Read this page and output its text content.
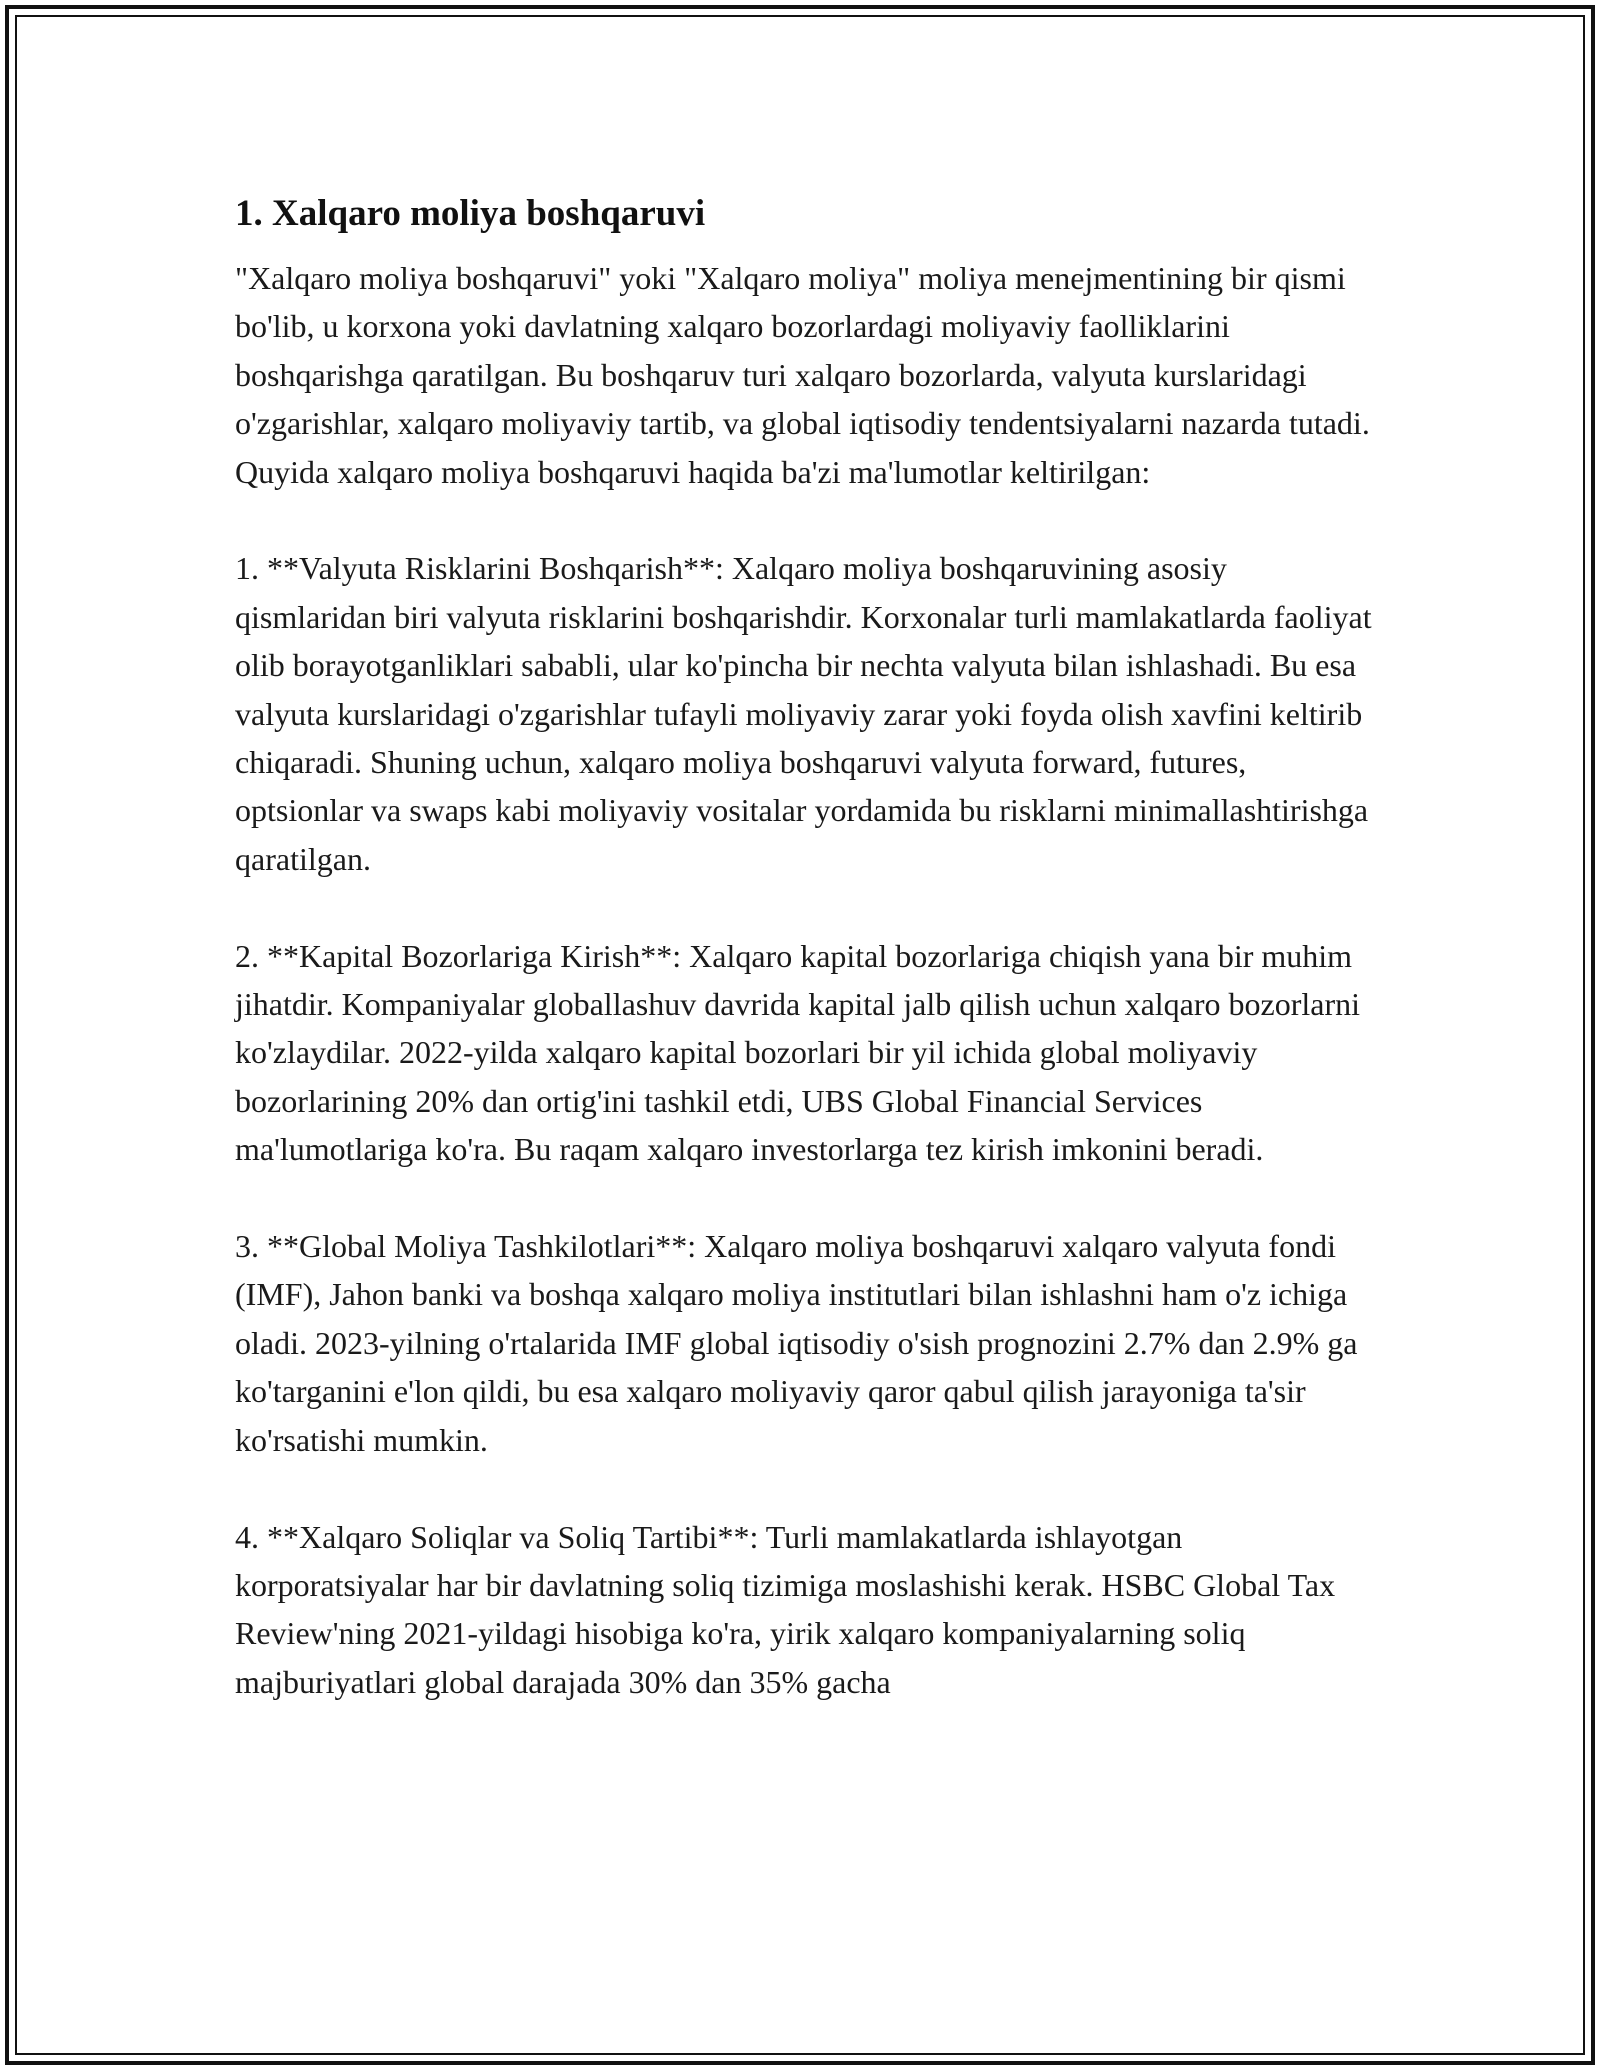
1. Xalqaro moliya boshqaruvi

"Xalqaro moliya boshqaruvi" yoki "Xalqaro moliya" moliya menejmentining bir qismi bo'lib, u korxona yoki davlatning xalqaro bozorlardagi moliyaviy faolliklarini boshqarishga qaratilgan. Bu boshqaruv turi xalqaro bozorlarda, valyuta kurslaridagi o'zgarishlar, xalqaro moliyaviy tartib, va global iqtisodiy tendentsiyalarni nazarda tutadi. Quyida xalqaro moliya boshqaruvi haqida ba'zi ma'lumotlar keltirilgan:

1. **Valyuta Risklarini Boshqarish**: Xalqaro moliya boshqaruvining asosiy qismlaridan biri valyuta risklarini boshqarishdir. Korxonalar turli mamlakatlarda faoliyat olib borayotganliklari sababli, ular ko'pincha bir nechta valyuta bilan ishlashadi. Bu esa valyuta kurslaridagi o'zgarishlar tufayli moliyaviy zarar yoki foyda olish xavfini keltirib chiqaradi. Shuning uchun, xalqaro moliya boshqaruvi valyuta forward, futures, optsionlar va swaps kabi moliyaviy vositalar yordamida bu risklarni minimallashtirishga qaratilgan.

2. **Kapital Bozorlariga Kirish**: Xalqaro kapital bozorlariga chiqish yana bir muhim jihatdir. Kompaniyalar globallashuv davrida kapital jalb qilish uchun xalqaro bozorlarni ko'zlaydilar. 2022-yilda xalqaro kapital bozorlari bir yil ichida global moliyaviy bozorlarining 20% dan ortig'ini tashkil etdi, UBS Global Financial Services ma'lumotlariga ko'ra. Bu raqam xalqaro investorlarga tez kirish imkonini beradi.

3. **Global Moliya Tashkilotlari**: Xalqaro moliya boshqaruvi xalqaro valyuta fondi (IMF), Jahon banki va boshqa xalqaro moliya institutlari bilan ishlashni ham o'z ichiga oladi. 2023-yilning o'rtalarida IMF global iqtisodiy o'sish prognozini 2.7% dan 2.9% ga ko'targanini e'lon qildi, bu esa xalqaro moliyaviy qaror qabul qilish jarayoniga ta'sir ko'rsatishi mumkin.

4. **Xalqaro Soliqlar va Soliq Tartibi**: Turli mamlakatlarda ishlayotgan korporatsiyalar har bir davlatning soliq tizimiga moslashishi kerak. HSBC Global Tax Review'ning 2021-yildagi hisobiga ko'ra, yirik xalqaro kompaniyalarning soliq majburiyatlari global darajada 30% dan 35% gacha
